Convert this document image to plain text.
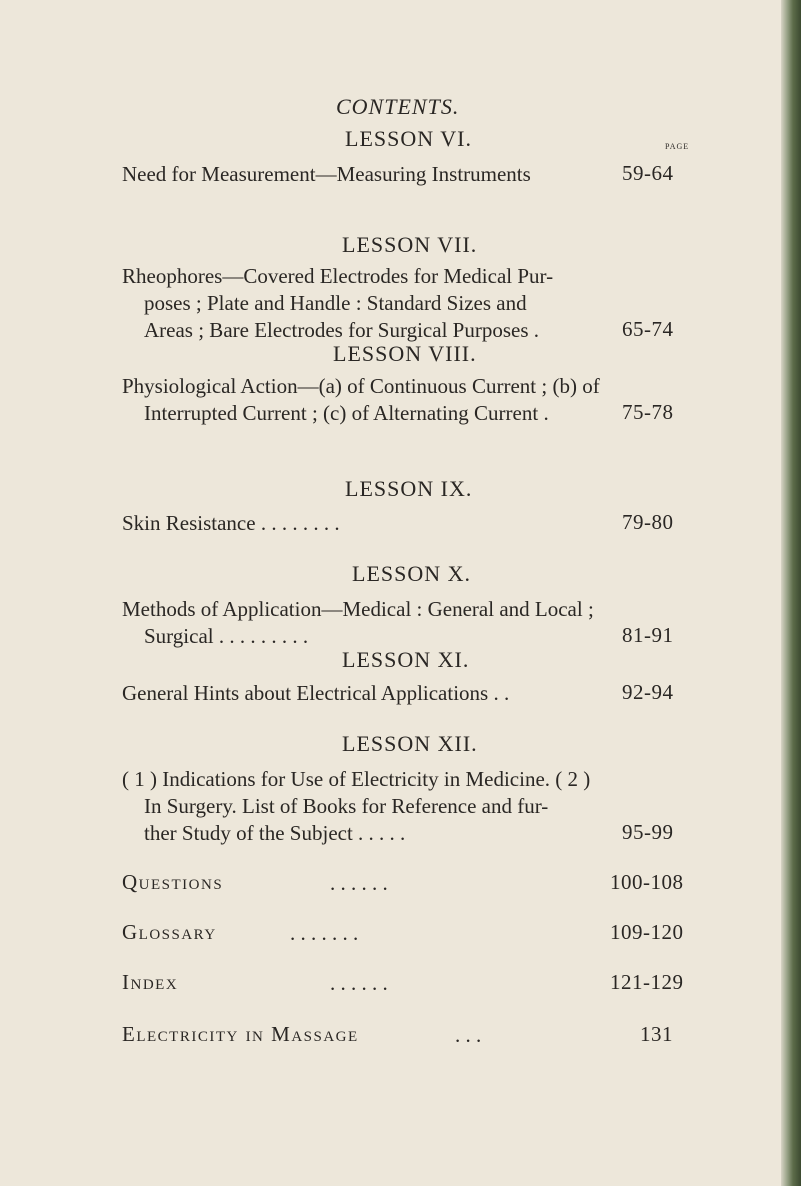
CONTENTS.
LESSON VI.	PAGE
Need for Measurement—Measuring Instruments	59-64
LESSON VII.
Rheophores—Covered Electrodes for Medical Pur-
poses ; Plate and Handle : Standard Sizes and
Areas ; Bare Electrodes for Surgical Purposes .	65-74
LESSON VIII.
Physiological Action—(a) of Continuous Current ; (b) of
Interrupted Current ; (c) of Alternating Current .	75-78
LESSON IX.
Skin Resistance . . . . . . . .	79-80
LESSON X.
Methods of Application—Medical : General and Local ;
Surgical . . . . . . . . .	81-91
LESSON XI.
General Hints about Electrical Applications . .	92-94
LESSON XII.
( 1 ) Indications for Use of Electricity in Medicine. ( 2 )
In Surgery. List of Books for Reference and fur-
ther Study of the Subject . . . . .	95-99
Questions	. . . . . .	100-108
Glossary	. . . . . . .	109-120
Index	. . . . . .	121-129
Electricity in Massage	. . .	131
